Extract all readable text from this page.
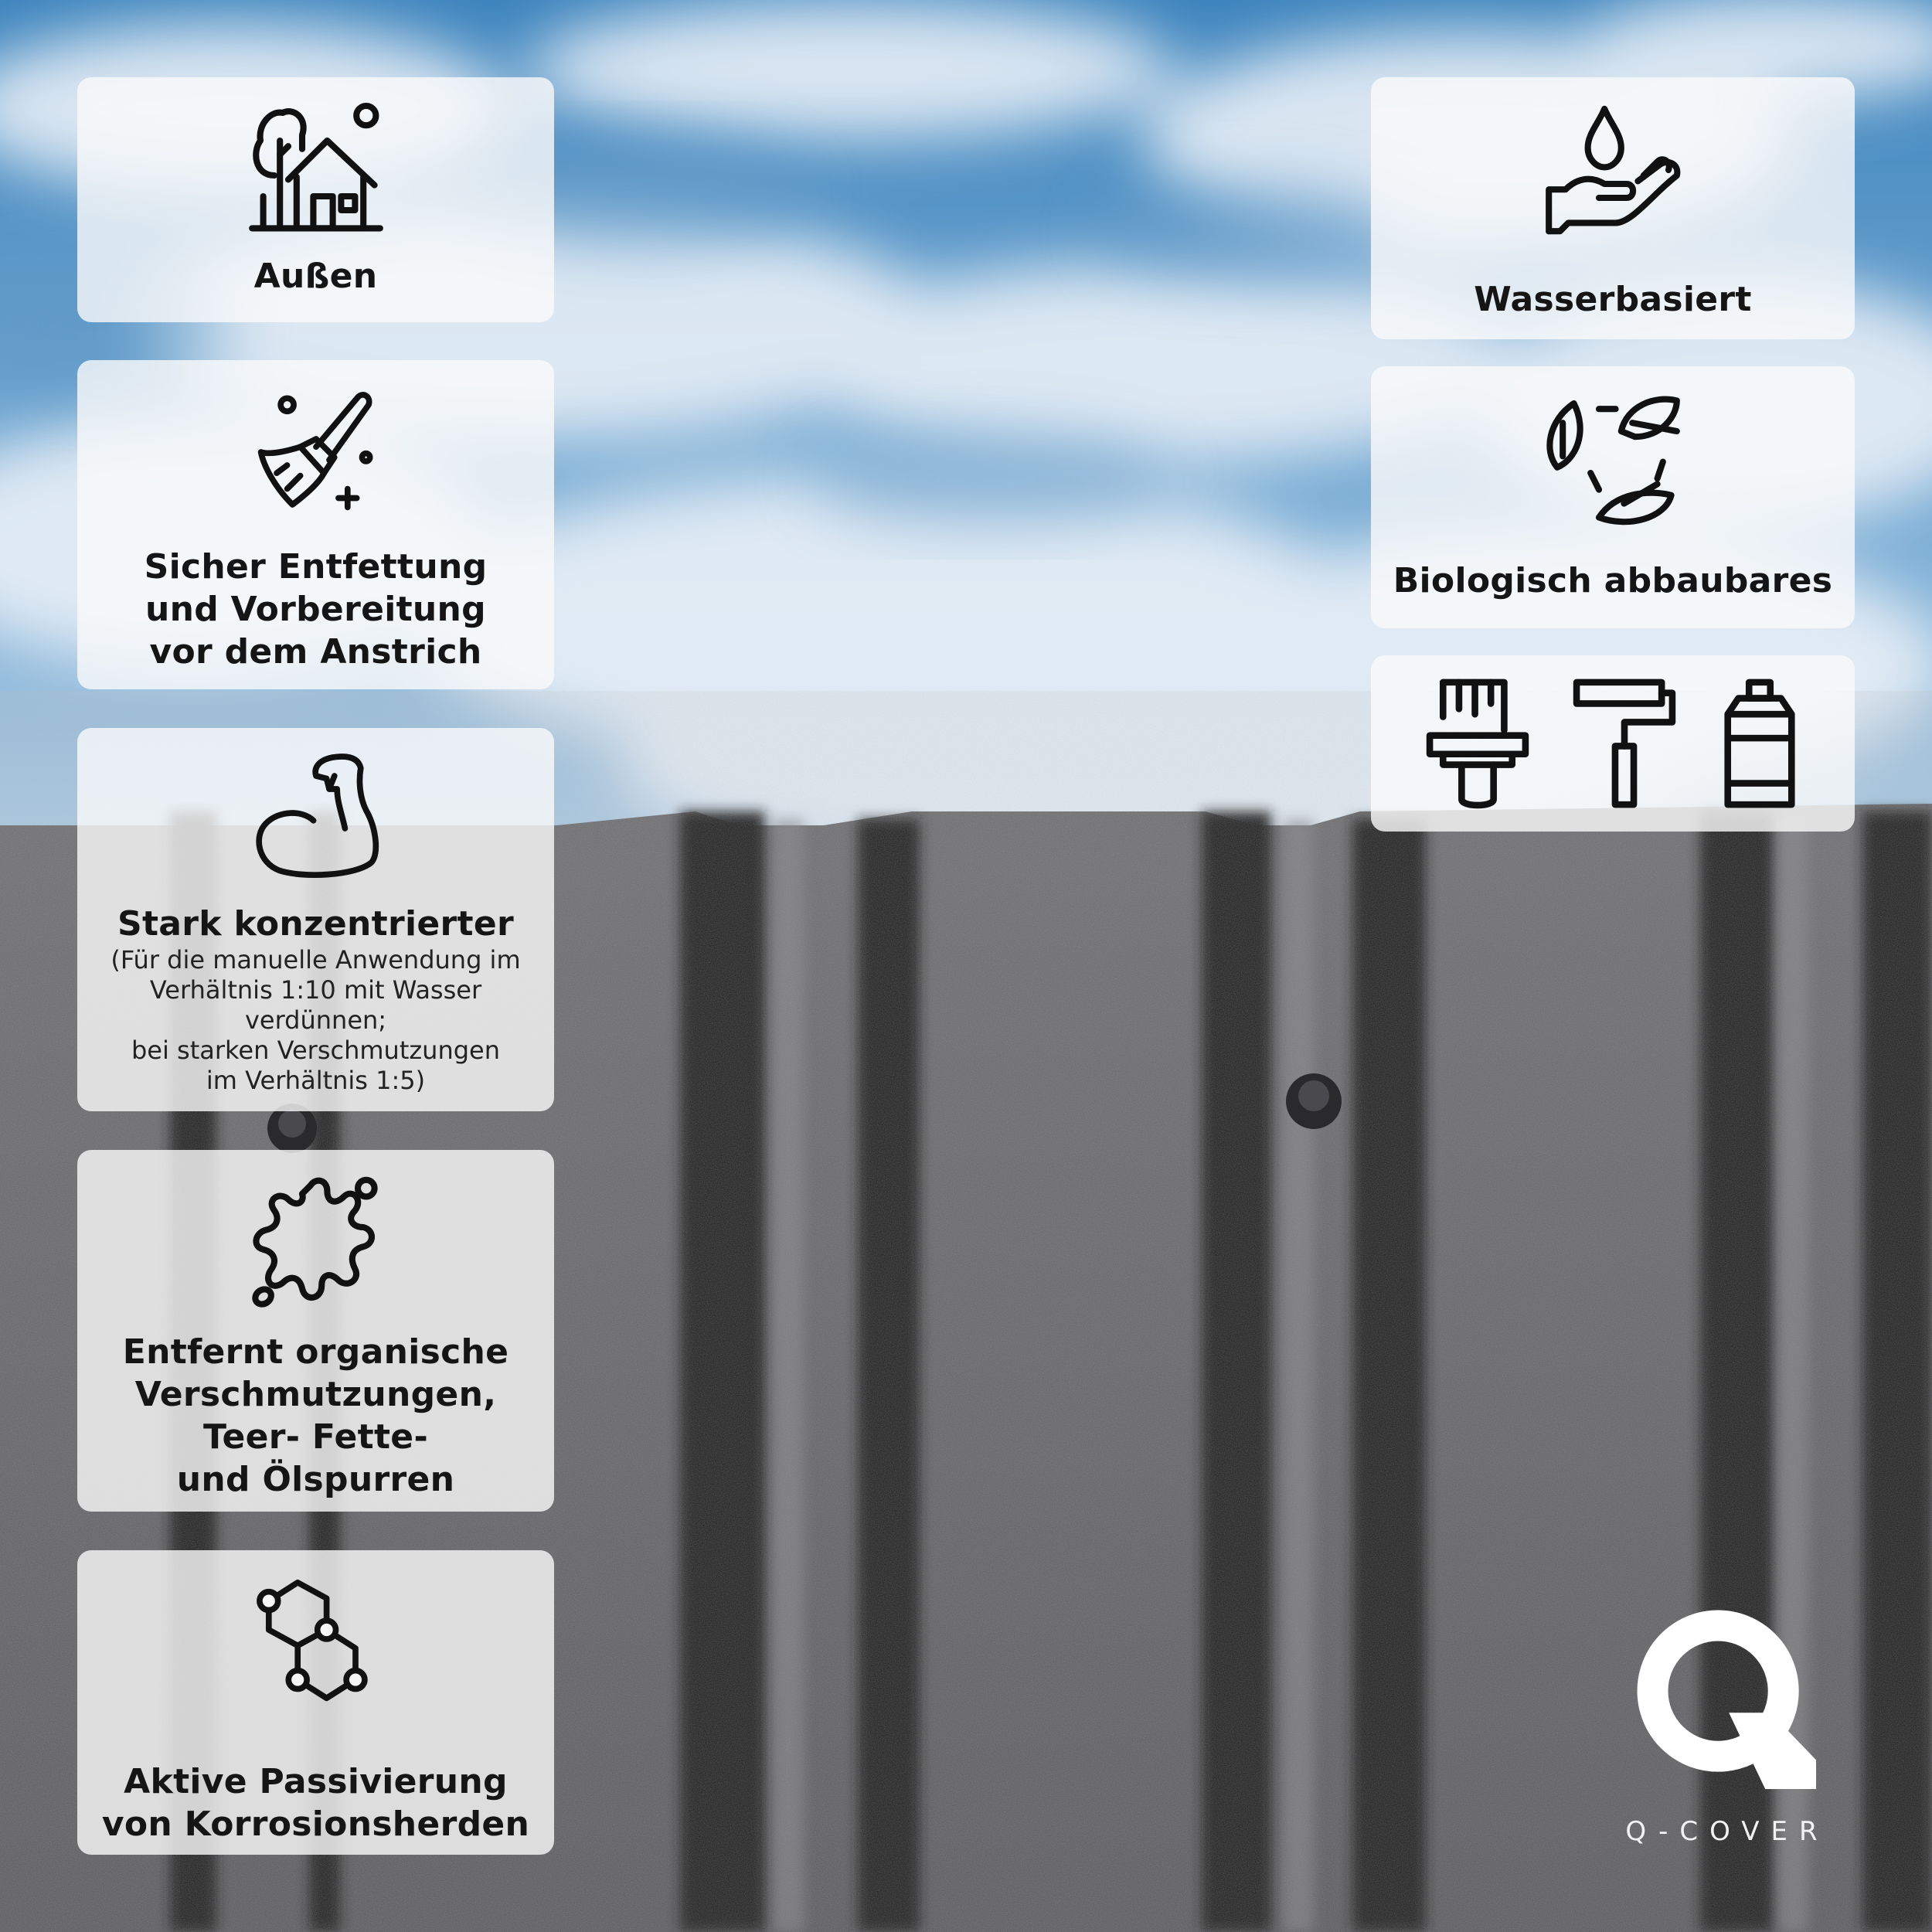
Außen

Sicher Entfettung
und Vorbereitung
vor dem Anstrich

Stark konzentrierter

(Für die manuelle Anwendung im
Verhältnis 1:10 mit Wasser
verdünnen;
bei starken Verschmutzungen
im Verhältnis 1:5)

Entfernt organische
Verschmutzungen,
Teer- Fette-
und Ölspurren

Aktive Passivierung
von Korrosionsherden

Wasserbasiert

Biologisch abbaubares

Q-COVER
